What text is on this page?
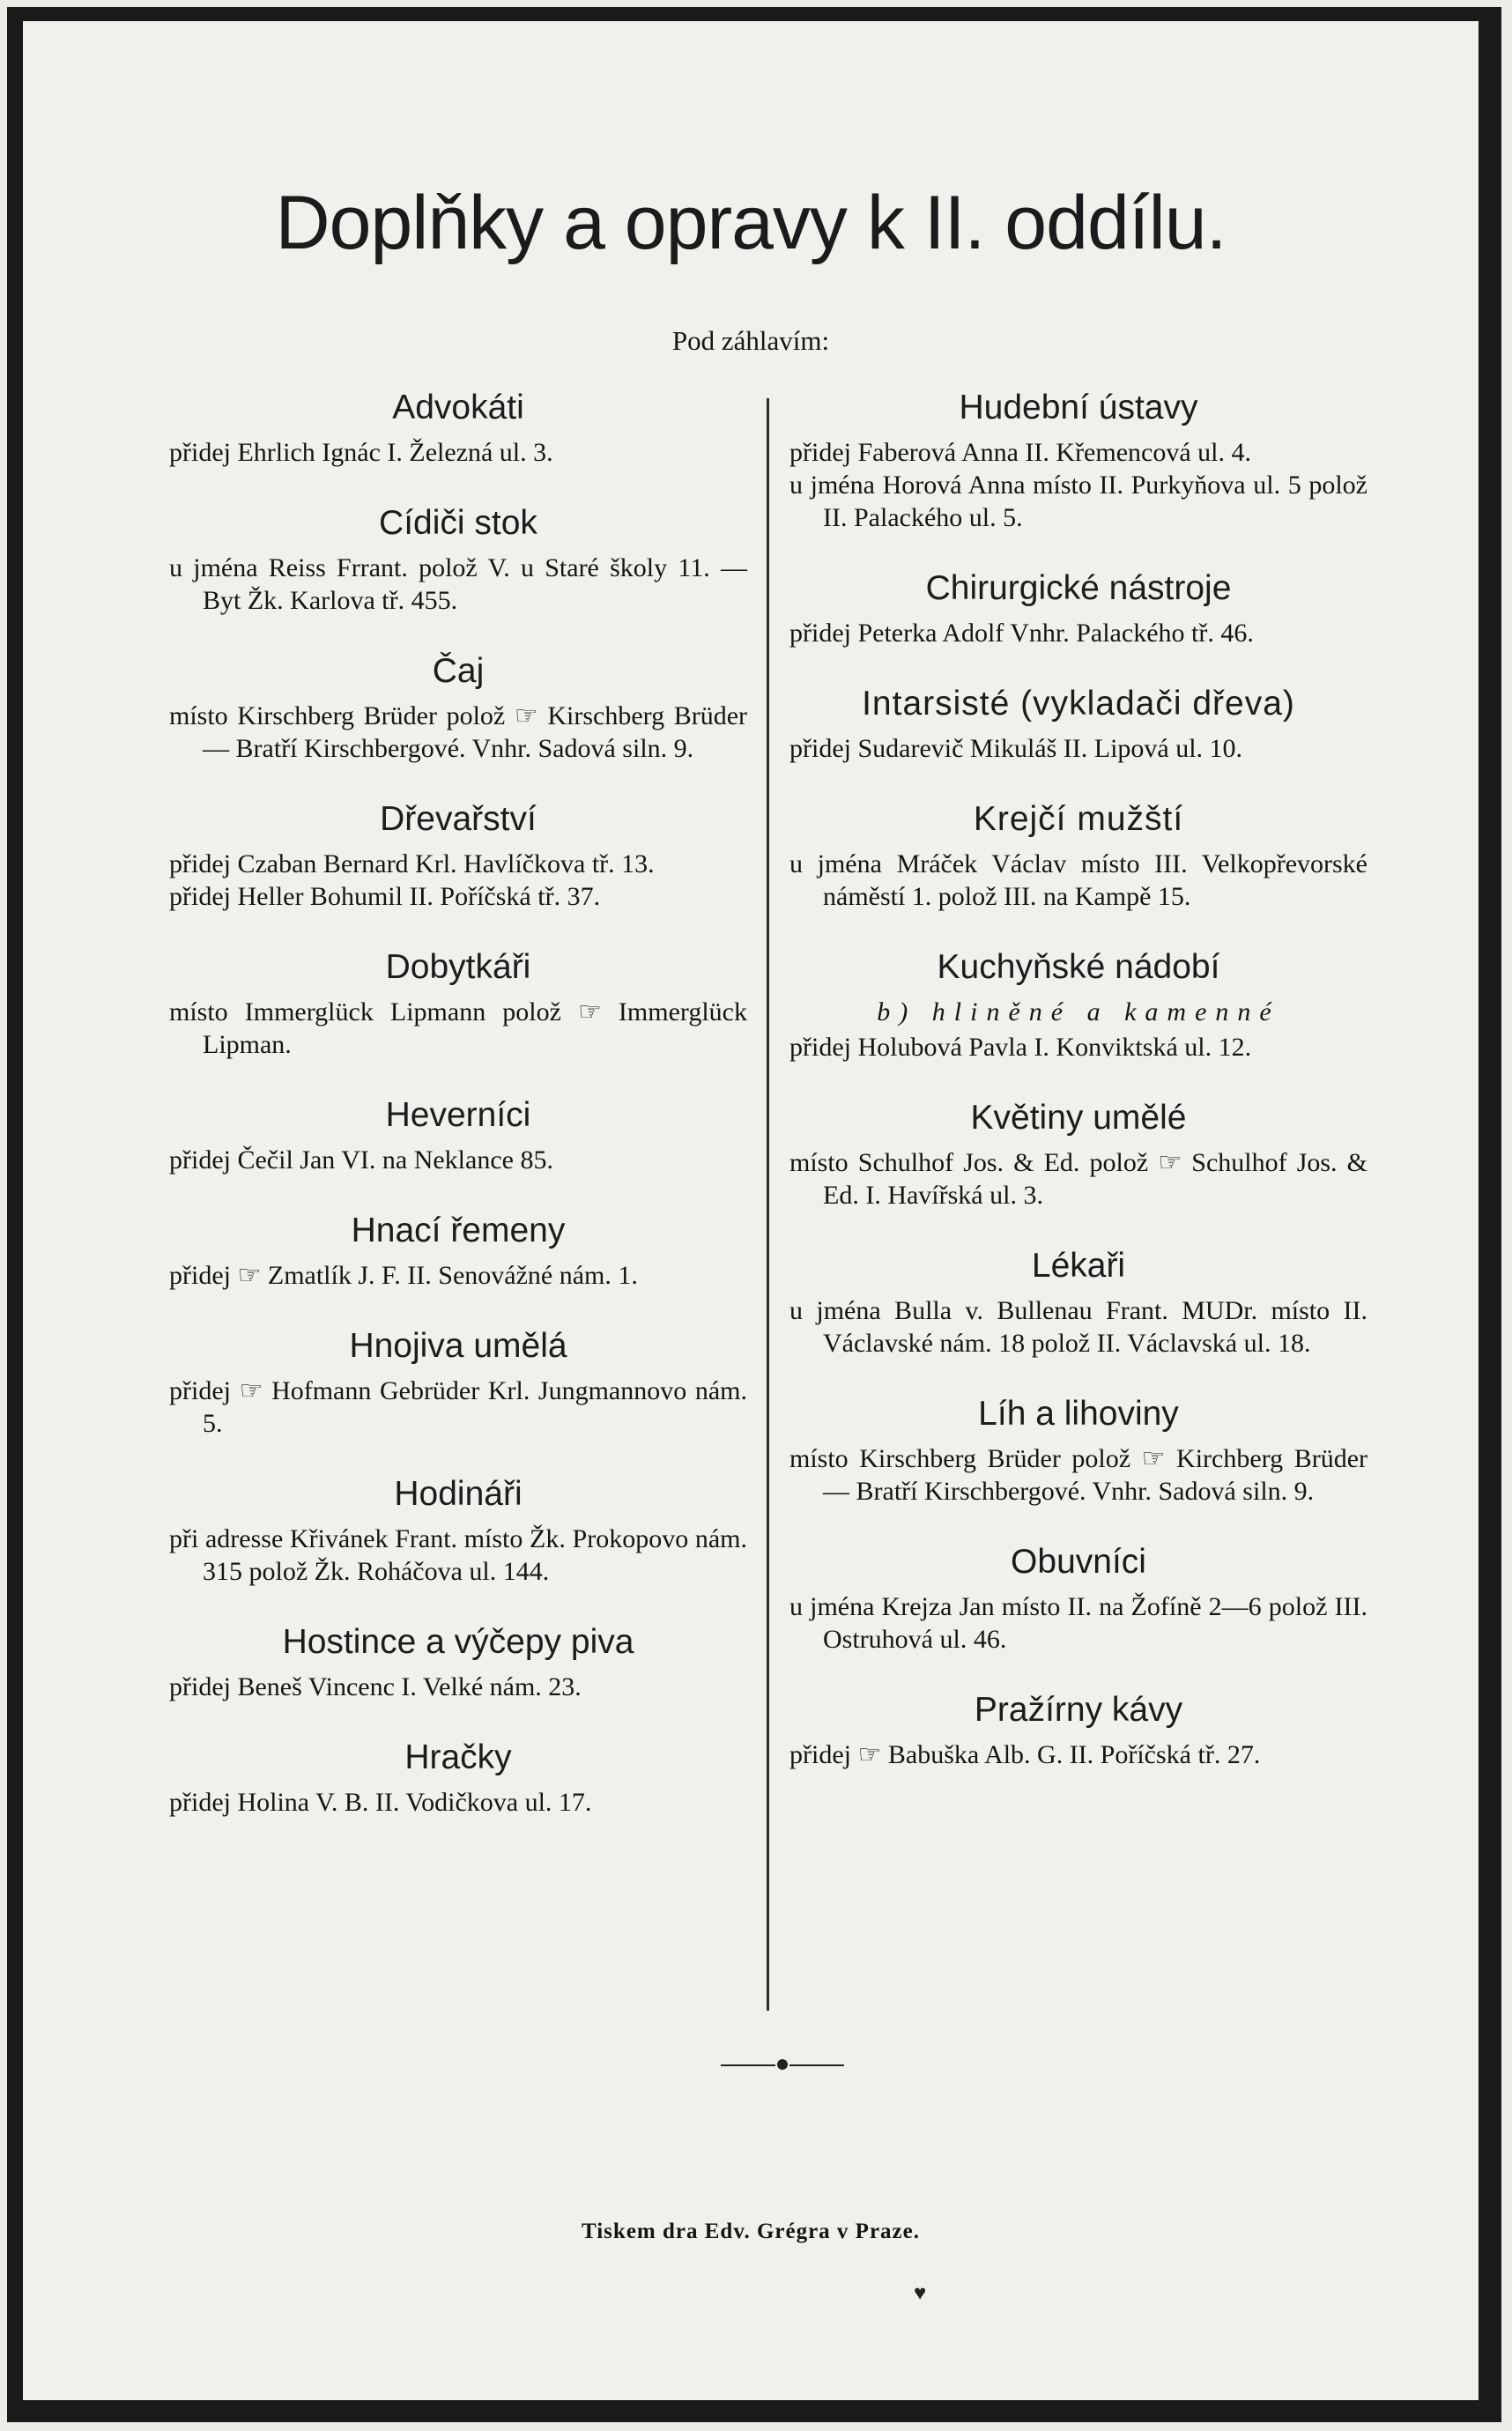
Doplňky a opravy k II. oddílu.
Pod záhlavím:
Advokáti

přidej Ehrlich Ignác I. Železná ul. 3.

Cídiči stok

u jména Reiss Frrant. polož V. u Staré školy 11. — Byt Žk. Karlova tř. 455.

Čaj

místo Kirschberg Brüder polož ☞ Kirschberg Brüder — Bratří Kirschbergové. Vnhr. Sadová siln. 9.

Dřevařství

přidej Czaban Bernard Krl. Havlíčkova tř. 13.

přidej Heller Bohumil II. Poříčská tř. 37.

Dobytkáři

místo Immerglück Lipmann polož ☞ Immerglück Lipman.

Heverníci

přidej Čečil Jan VI. na Neklance 85.

Hnací řemeny

přidej ☞ Zmatlík J. F. II. Senovážné nám. 1.

Hnojiva umělá

přidej ☞ Hofmann Gebrüder Krl. Jungmannovo nám. 5.

Hodináři

při adresse Křivánek Frant. místo Žk. Prokopovo nám. 315 polož Žk. Roháčova ul. 144.

Hostince a výčepy piva

přidej Beneš Vincenc I. Velké nám. 23.

Hračky

přidej Holina V. B. II. Vodičkova ul. 17.

Hudební ústavy

přidej Faberová Anna II. Křemencová ul. 4.

u jména Horová Anna místo II. Purkyňova ul. 5 polož II. Palackého ul. 5.

Chirurgické nástroje

přidej Peterka Adolf Vnhr. Palackého tř. 46.

Intarsisté (vykladači dřeva)

přidej Sudarevič Mikuláš II. Lipová ul. 10.

Krejčí mužští

u jména Mráček Václav místo III. Velkopřevorské náměstí 1. polož III. na Kampě 15.

Kuchyňské nádobí

b) hliněné a kamenné

přidej Holubová Pavla I. Konviktská ul. 12.

Květiny umělé

místo Schulhof Jos. & Ed. polož ☞ Schulhof Jos. & Ed. I. Havířská ul. 3.

Lékaři

u jména Bulla v. Bullenau Frant. MUDr. místo II. Václavské nám. 18 polož II. Václavská ul. 18.

Líh a lihoviny

místo Kirschberg Brüder polož ☞ Kirchberg Brüder — Bratří Kirschbergové. Vnhr. Sadová siln. 9.

Obuvníci

u jména Krejza Jan místo II. na Žofíně 2—6 polož III. Ostruhová ul. 46.

Pražírny kávy

přidej ☞ Babuška Alb. G. II. Poříčská tř. 27.

Tiskem dra Edv. Grégra v Praze.
♥
